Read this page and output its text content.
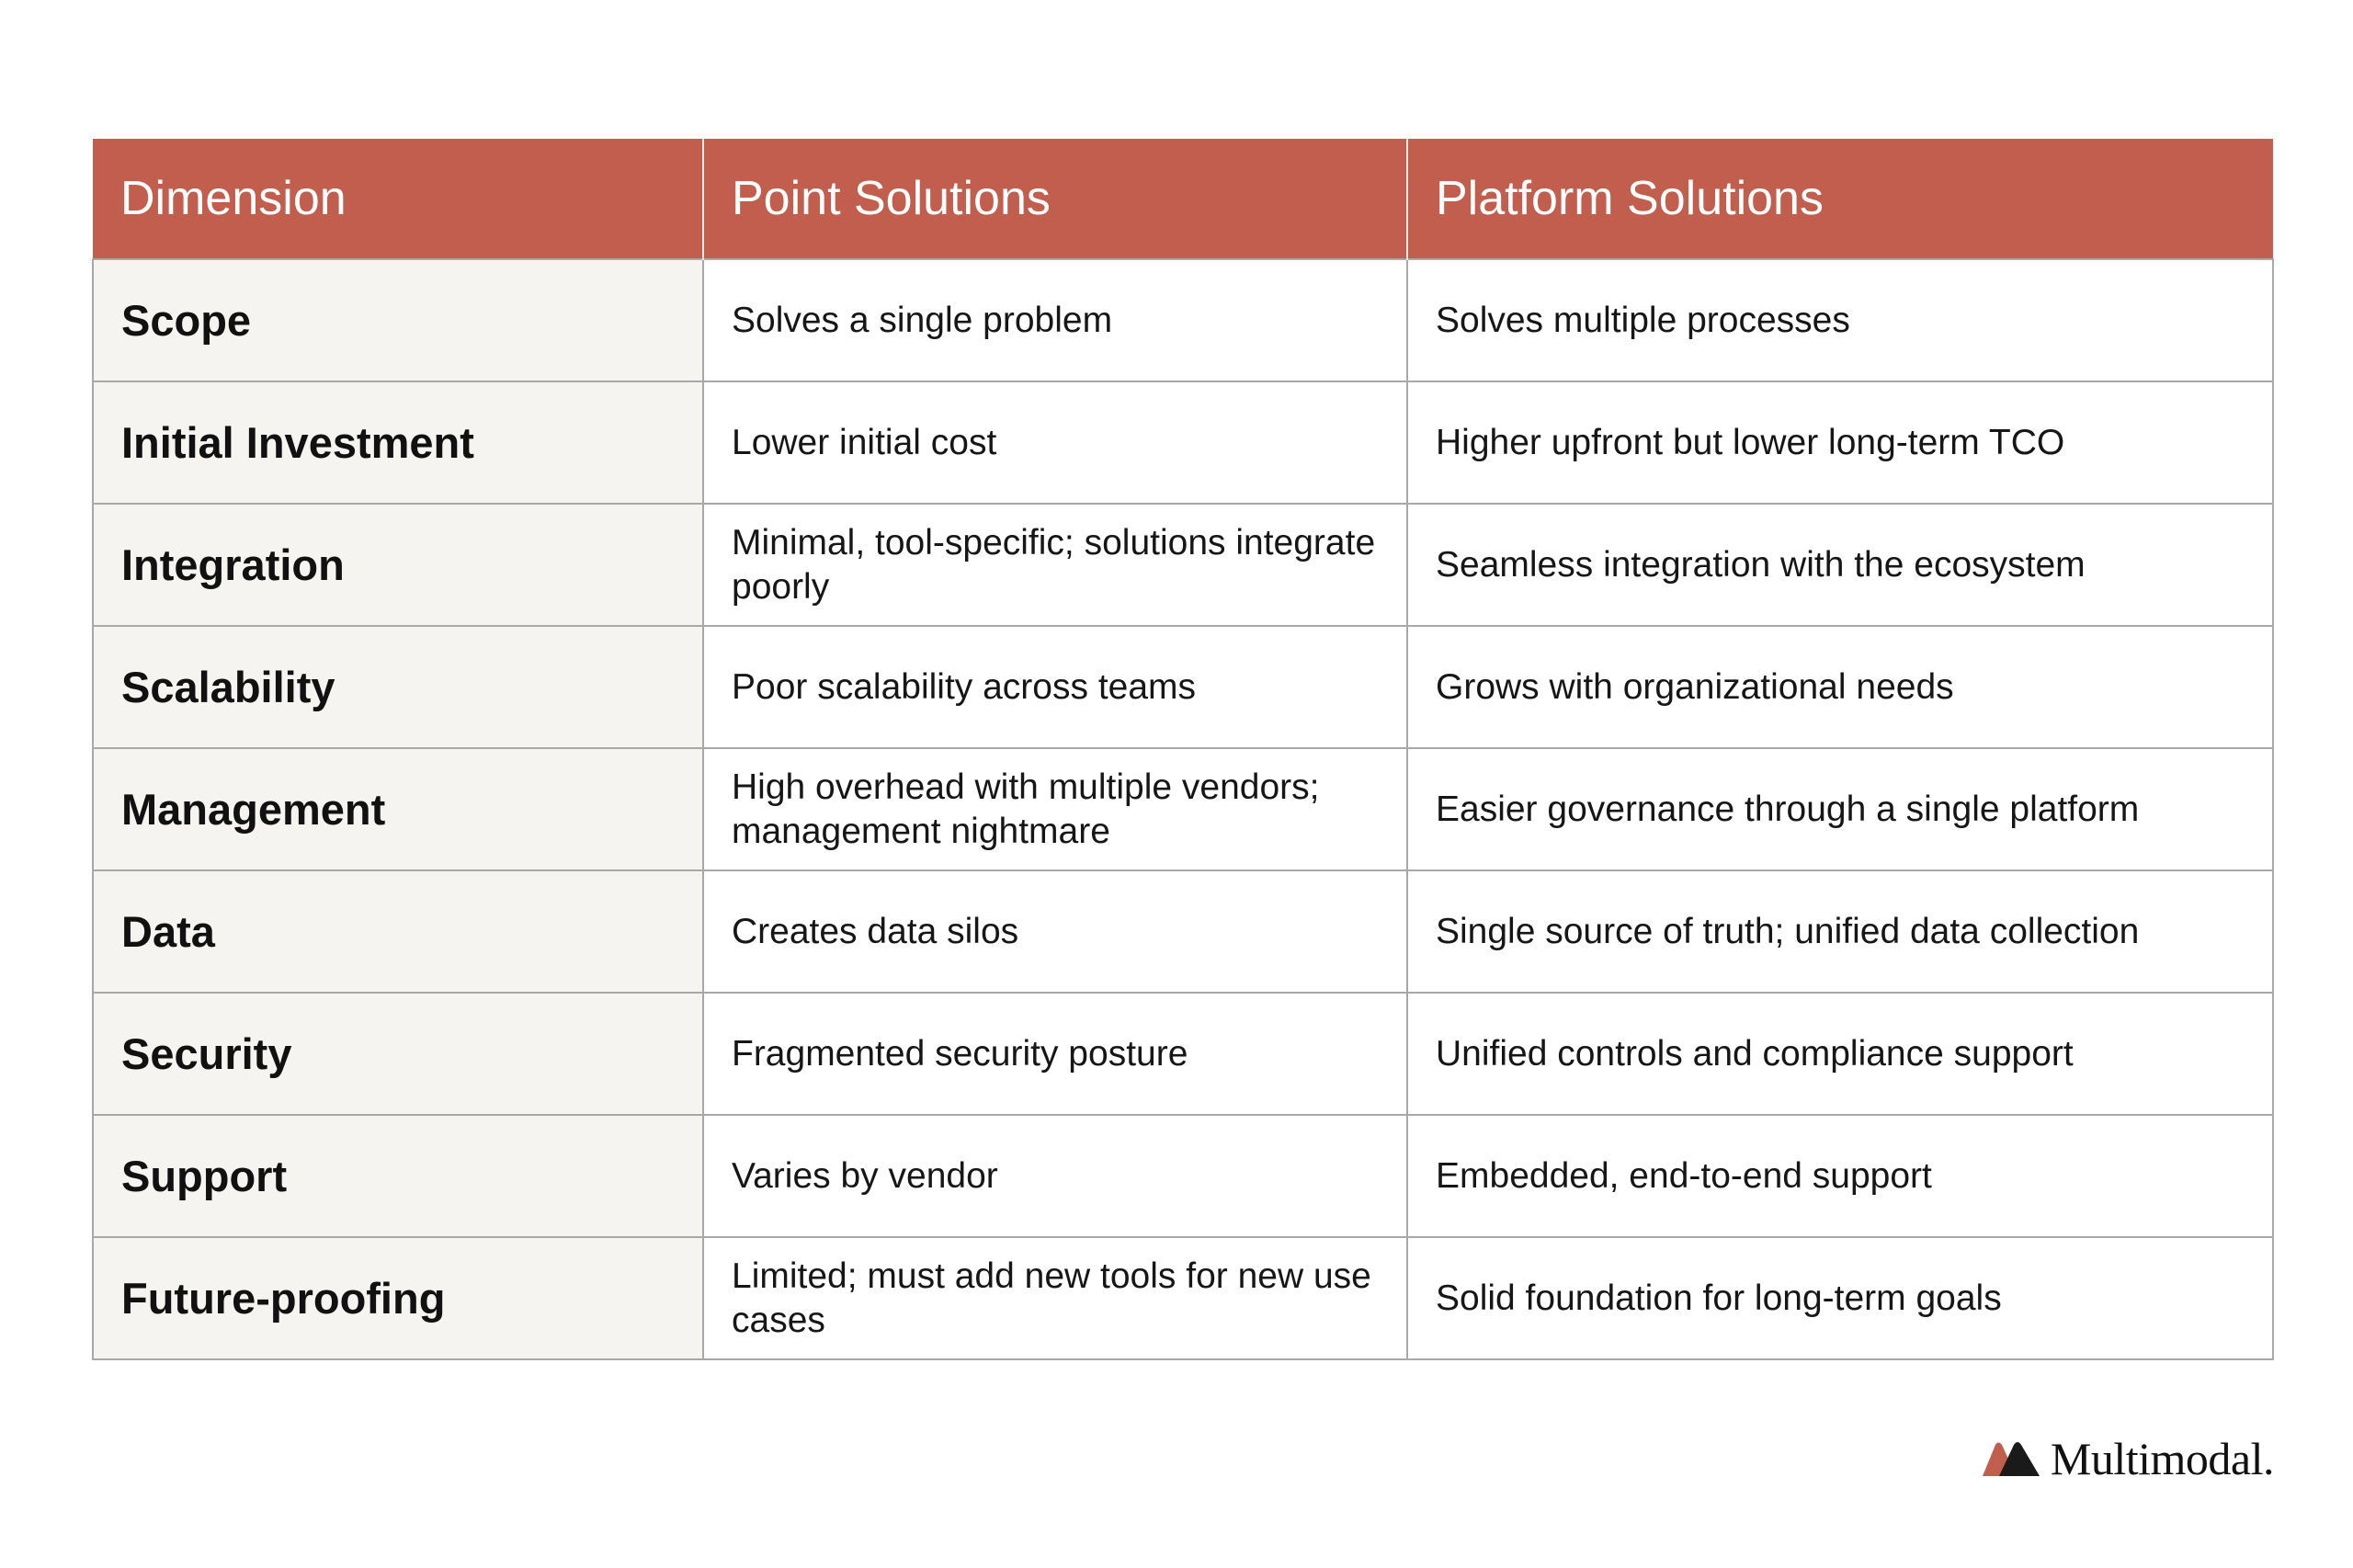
Dimension	Point Solutions	Platform Solutions
Scope	Solves a single problem	Solves multiple processes
Initial Investment	Lower initial cost	Higher upfront but lower long-term TCO
Integration	Minimal, tool-specific; solutions integrate poorly	Seamless integration with the ecosystem
Scalability	Poor scalability across teams	Grows with organizational needs
Management	High overhead with multiple vendors; management nightmare	Easier governance through a single platform
Data	Creates data silos	Single source of truth; unified data collection
Security	Fragmented security posture	Unified controls and compliance support
Support	Varies by vendor	Embedded, end-to-end support
Future-proofing	Limited; must add new tools for new use cases	Solid foundation for long-term goals
Multimodal.
